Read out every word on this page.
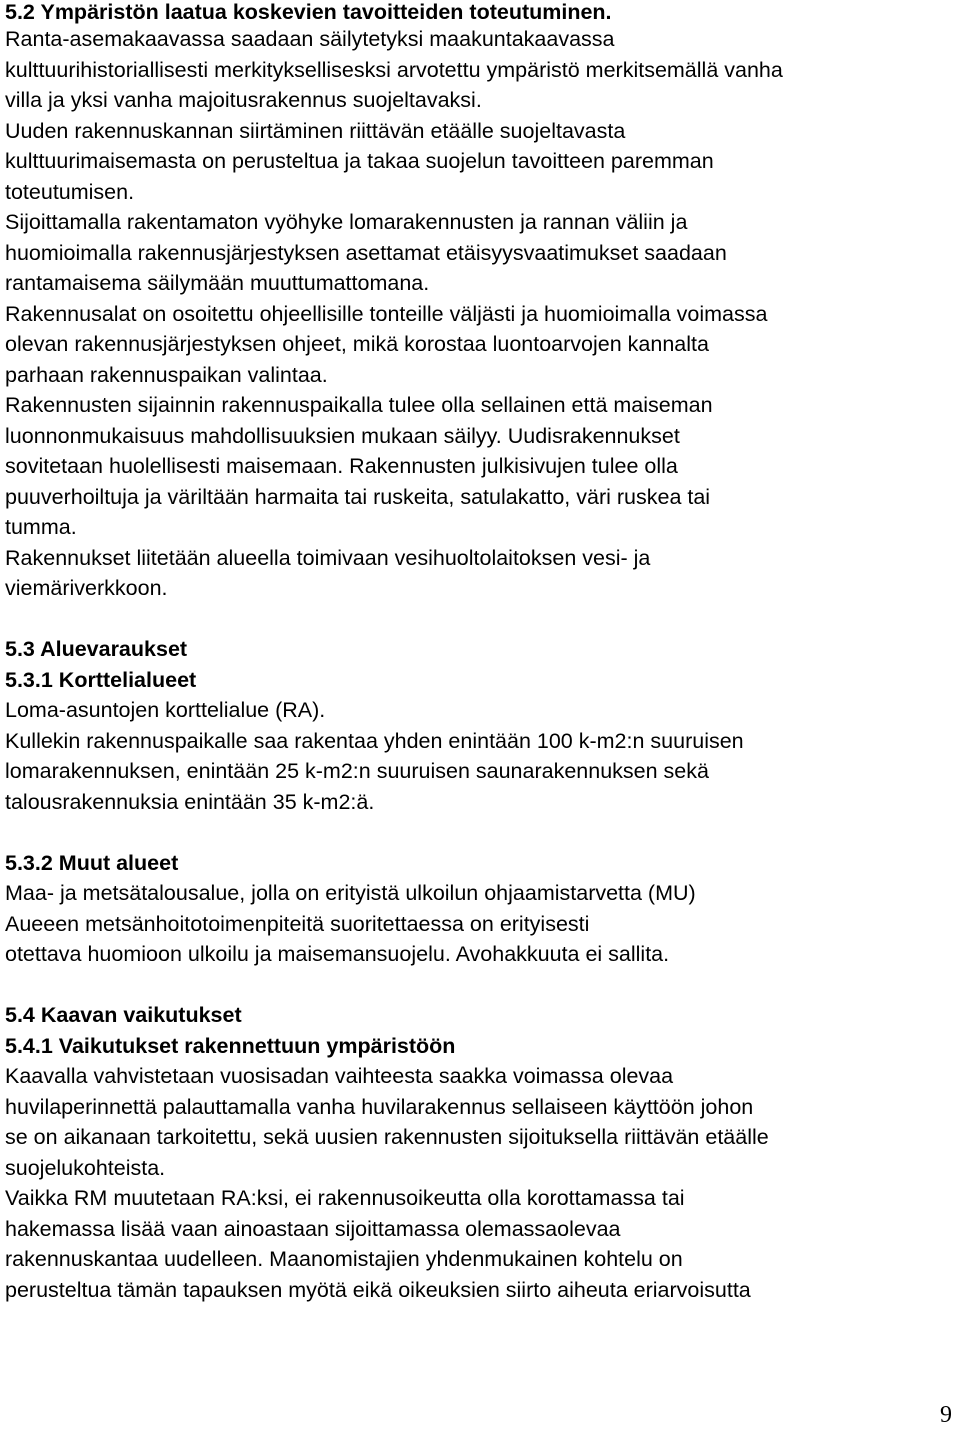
5.2 Ympäristön laatua koskevien tavoitteiden toteutuminen.
Ranta-asemakaavassa saadaan säilytetyksi maakuntakaavassa
kulttuurihistoriallisesti merkityksellisesksi arvotettu ympäristö merkitsemällä vanha
villa ja yksi vanha majoitusrakennus suojeltavaksi.
Uuden rakennuskannan siirtäminen riittävän etäälle suojeltavasta
kulttuurimaisemasta on perusteltua ja takaa suojelun tavoitteen paremman
toteutumisen.
Sijoittamalla rakentamaton vyöhyke lomarakennusten ja rannan väliin ja
huomioimalla rakennusjärjestyksen asettamat etäisyysvaatimukset saadaan
rantamaisema säilymään muuttumattomana.
Rakennusalat on osoitettu ohjeellisille tonteille väljästi ja huomioimalla voimassa
olevan rakennusjärjestyksen ohjeet, mikä korostaa luontoarvojen kannalta
parhaan rakennuspaikan valintaa.
Rakennusten sijainnin rakennuspaikalla tulee olla sellainen että maiseman
luonnonmukaisuus mahdollisuuksien mukaan säilyy. Uudisrakennukset
sovitetaan huolellisesti maisemaan. Rakennusten julkisivujen tulee olla
puuverhoiltuja ja väriltään harmaita tai ruskeita, satulakatto, väri ruskea tai
tumma.
Rakennukset liitetään alueella toimivaan vesihuoltolaitoksen vesi- ja
viemäriverkkoon.
5.3 Aluevaraukset
5.3.1 Korttelialueet
Loma-asuntojen korttelialue (RA).
Kullekin rakennuspaikalle saa rakentaa yhden enintään 100 k-m2:n suuruisen
lomarakennuksen, enintään 25 k-m2:n suuruisen saunarakennuksen sekä
talousrakennuksia enintään 35 k-m2:ä.
5.3.2 Muut alueet
Maa- ja metsätalousalue, jolla on erityistä ulkoilun ohjaamistarvetta (MU)
Aueeen metsänhoitotoimenpiteitä suoritettaessa on erityisesti
otettava huomioon ulkoilu ja maisemansuojelu. Avohakkuuta ei sallita.
5.4 Kaavan vaikutukset
5.4.1 Vaikutukset rakennettuun ympäristöön
Kaavalla vahvistetaan vuosisadan vaihteesta saakka voimassa olevaa
huvilaperinnettä palauttamalla vanha huvilarakennus sellaiseen käyttöön johon
se on aikanaan tarkoitettu, sekä uusien rakennusten sijoituksella riittävän etäälle
suojelukohteista.
Vaikka RM muutetaan RA:ksi, ei rakennusoikeutta olla korottamassa tai
hakemassa lisää vaan ainoastaan sijoittamassa olemassaolevaa
rakennuskantaa uudelleen. Maanomistajien yhdenmukainen kohtelu on
perusteltua tämän tapauksen myötä eikä oikeuksien siirto aiheuta eriarvoisutta
9
